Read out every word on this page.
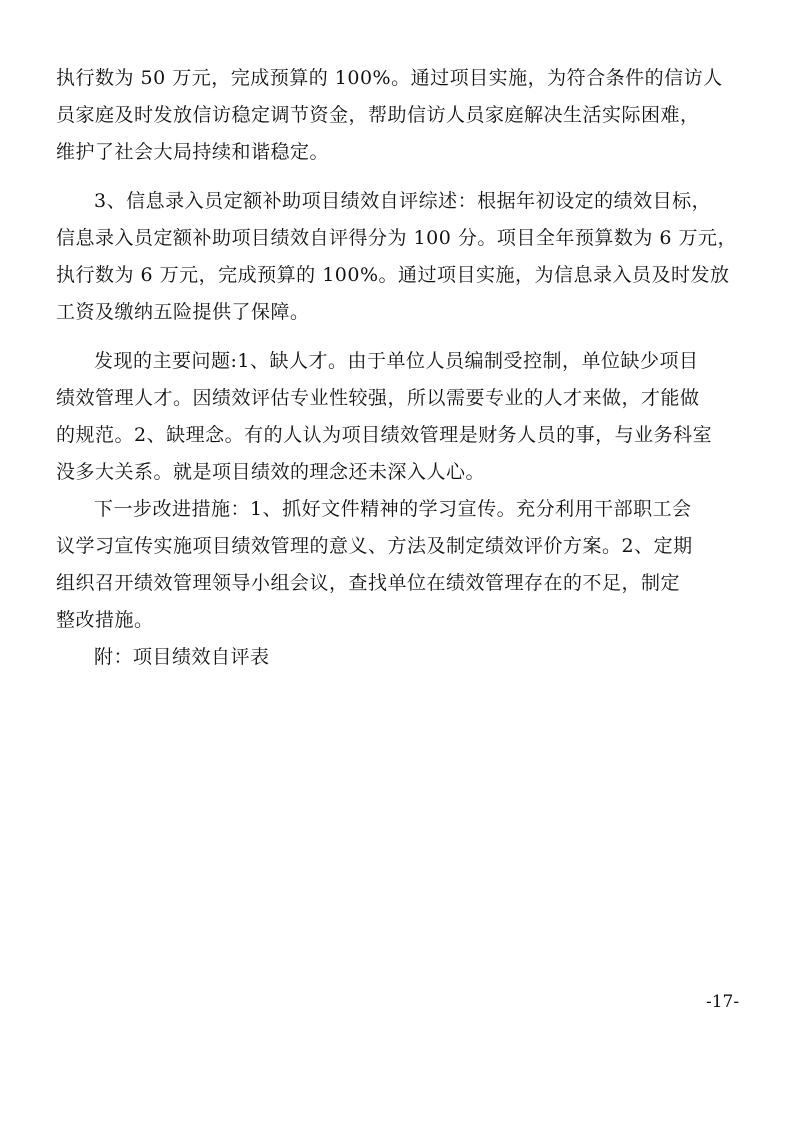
执行数为 50 万元，完成预算的 100%。通过项目实施，为符合条件的信访人
员家庭及时发放信访稳定调节资金，帮助信访人员家庭解决生活实际困难，
维护了社会大局持续和谐稳定。
3、信息录入员定额补助项目绩效自评综述：根据年初设定的绩效目标，
信息录入员定额补助项目绩效自评得分为 100 分。项目全年预算数为 6 万元，
执行数为 6 万元，完成预算的 100%。通过项目实施，为信息录入员及时发放
工资及缴纳五险提供了保障。
发现的主要问题:1、缺人才。由于单位人员编制受控制，单位缺少项目
绩效管理人才。因绩效评估专业性较强，所以需要专业的人才来做，才能做
的规范。2、缺理念。有的人认为项目绩效管理是财务人员的事，与业务科室
没多大关系。就是项目绩效的理念还未深入人心。
下一步改进措施：1、抓好文件精神的学习宣传。充分利用干部职工会
议学习宣传实施项目绩效管理的意义、方法及制定绩效评价方案。2、定期
组织召开绩效管理领导小组会议，查找单位在绩效管理存在的不足，制定
整改措施。
附：项目绩效自评表
-17-
